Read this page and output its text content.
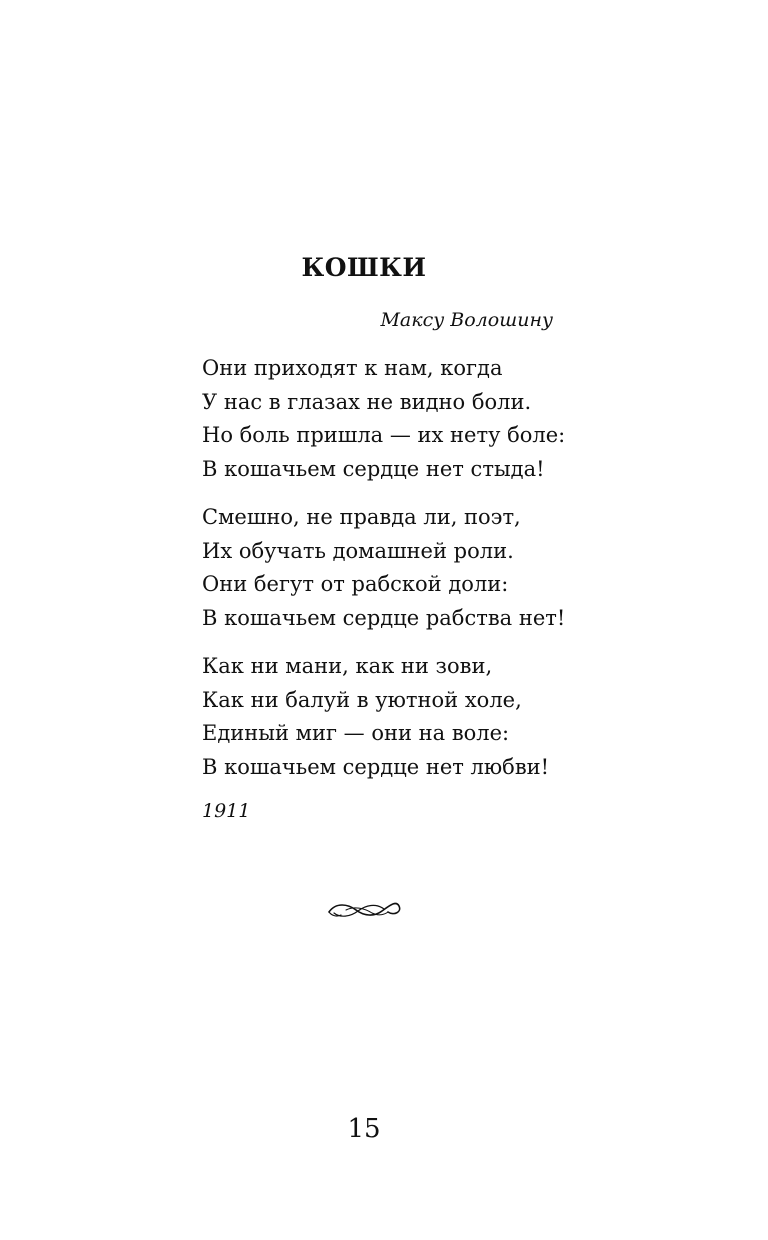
КОШКИ
Максу Волошину
Они приходят к нам, когда
У нас в глазах не видно боли.
Но боль пришла — их нету боле:
В кошачьем сердце нет стыда!
Смешно, не правда ли, поэт,
Их обучать домашней роли.
Они бегут от рабской доли:
В кошачьем сердце рабства нет!
Как ни мани, как ни зови,
Как ни балуй в уютной холе,
Единый миг — они на воле:
В кошачьем сердце нет любви!
1911
15
